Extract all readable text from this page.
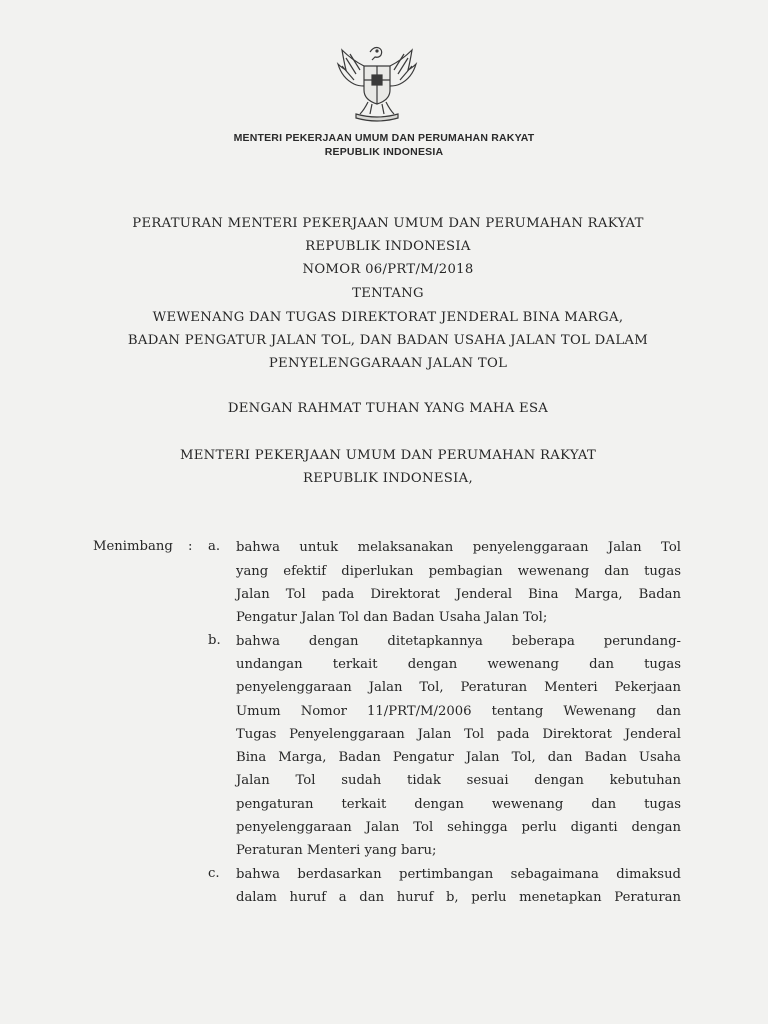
MENTERI PEKERJAAN UMUM DAN PERUMAHAN RAKYAT
REPUBLIK INDONESIA
PERATURAN MENTERI PEKERJAAN UMUM DAN PERUMAHAN RAKYAT
REPUBLIK INDONESIA
NOMOR 06/PRT/M/2018
TENTANG
WEWENANG DAN TUGAS DIREKTORAT JENDERAL BINA MARGA,
BADAN PENGATUR JALAN TOL, DAN BADAN USAHA JALAN TOL DALAM
PENYELENGGARAAN JALAN TOL
DENGAN RAHMAT TUHAN YANG MAHA ESA
MENTERI PEKERJAAN UMUM DAN PERUMAHAN RAKYAT
REPUBLIK INDONESIA,
Menimbang : a. bahwa untuk melaksanakan penyelenggaraan Jalan Tol
yang efektif diperlukan pembagian wewenang dan tugas
Jalan Tol pada Direktorat Jenderal Bina Marga, Badan
Pengatur Jalan Tol dan Badan Usaha Jalan Tol;
b. bahwa dengan ditetapkannya beberapa perundang-
undangan terkait dengan wewenang dan tugas
penyelenggaraan Jalan Tol, Peraturan Menteri Pekerjaan
Umum Nomor 11/PRT/M/2006 tentang Wewenang dan
Tugas Penyelenggaraan Jalan Tol pada Direktorat Jenderal
Bina Marga, Badan Pengatur Jalan Tol, dan Badan Usaha
Jalan Tol sudah tidak sesuai dengan kebutuhan
pengaturan terkait dengan wewenang dan tugas
penyelenggaraan Jalan Tol sehingga perlu diganti dengan
Peraturan Menteri yang baru;
c. bahwa berdasarkan pertimbangan sebagaimana dimaksud
dalam huruf a dan huruf b, perlu menetapkan Peraturan
